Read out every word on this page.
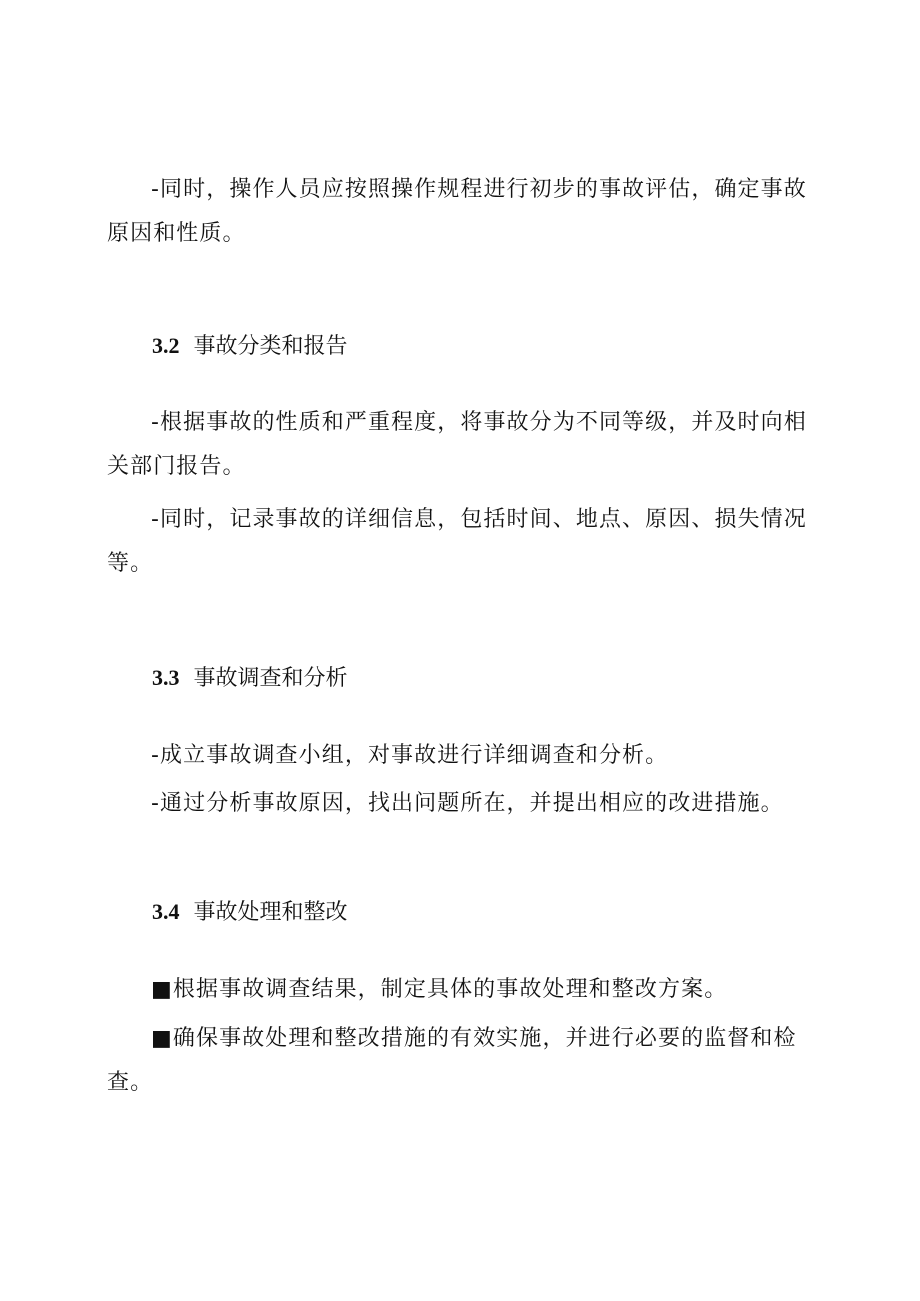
-同时，操作人员应按照操作规程进行初步的事故评估，确定事故原因和性质。

3.2 事故分类和报告

-根据事故的性质和严重程度，将事故分为不同等级，并及时向相关部门报告。

-同时，记录事故的详细信息，包括时间、地点、原因、损失情况等。

3.3 事故调查和分析

-成立事故调查小组，对事故进行详细调查和分析。

-通过分析事故原因，找出问题所在，并提出相应的改进措施。

3.4 事故处理和整改

■根据事故调查结果，制定具体的事故处理和整改方案。

■确保事故处理和整改措施的有效实施，并进行必要的监督和检查。
